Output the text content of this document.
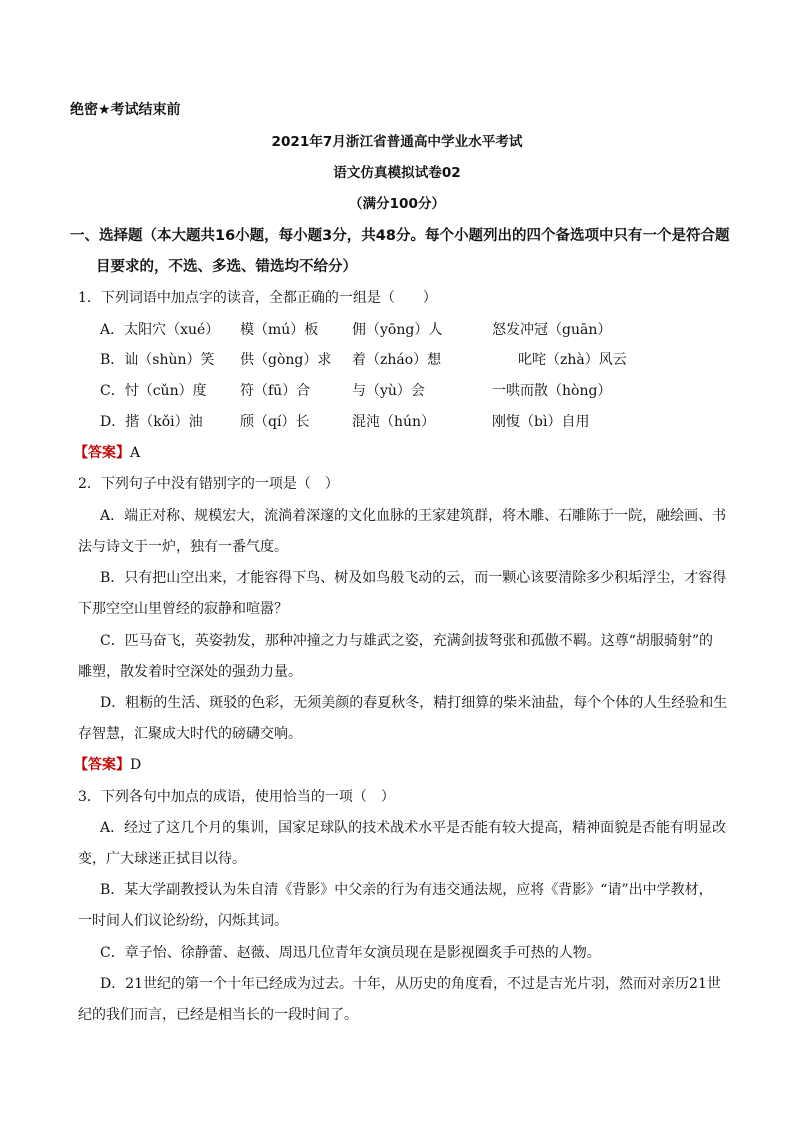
绝密★考试结束前
2021年7月浙江省普通高中学业水平考试
语文仿真模拟试卷02
（满分100分）
一、选择题（本大题共16小题，每小题3分，共48分。每个小题列出的四个备选项中只有一个是符合题
目要求的，不选、多选、错选均不给分）
1．下列词语中加点字的读音，全都正确的一组是（　　）
A．太阳穴（xué） 模（mú）板 佣（yōng）人	怒发冲冠（guān）
B．讪（shùn）笑 供（gòng）求 着（zháo）想	叱咤（zhà）风云
C．忖（cǔn）度 符（fū）合	与（yù）会	一哄而散（hòng）
D．揩（kǒi）油	颀（qí）长	混沌（hún）	刚愎（bì）自用
【答案】A
2．下列句子中没有错别字的一项是（　）
A．端正对称、规模宏大，流淌着深邃的文化血脉的王家建筑群，将木雕、石雕陈于一院，融绘画、书
法与诗文于一炉，独有一番气度。
B．只有把山空出来，才能容得下鸟、树及如鸟般飞动的云，而一颗心该要清除多少积垢浮尘，才容得
下那空空山里曾经的寂静和喧嚣？
C．匹马奋飞，英姿勃发，那种冲撞之力与雄武之姿，充满剑拔弩张和孤傲不羁。这尊“胡服骑射”的
雕塑，散发着时空深处的强劲力量。
D．粗粝的生活、斑驳的色彩，无须美颜的春夏秋冬，精打细算的柴米油盐，每个个体的人生经验和生
存智慧，汇聚成大时代的磅礴交响。
【答案】D
3．下列各句中加点的成语，使用恰当的一项（　）
A．经过了这几个月的集训，国家足球队的技术战术水平是否能有较大提高，精神面貌是否能有明显改
变，广大球迷正拭目以待。
B．某大学副教授认为朱自清《背影》中父亲的行为有违交通法规，应将《背影》“请”出中学教材，
一时间人们议论纷纷，闪烁其词。
C．章子怡、徐静蕾、赵薇、周迅几位青年女演员现在是影视圈炙手可热的人物。
D．21世纪的第一个十年已经成为过去。十年，从历史的角度看，不过是吉光片羽，然而对亲历21世
纪的我们而言，已经是相当长的一段时间了。
